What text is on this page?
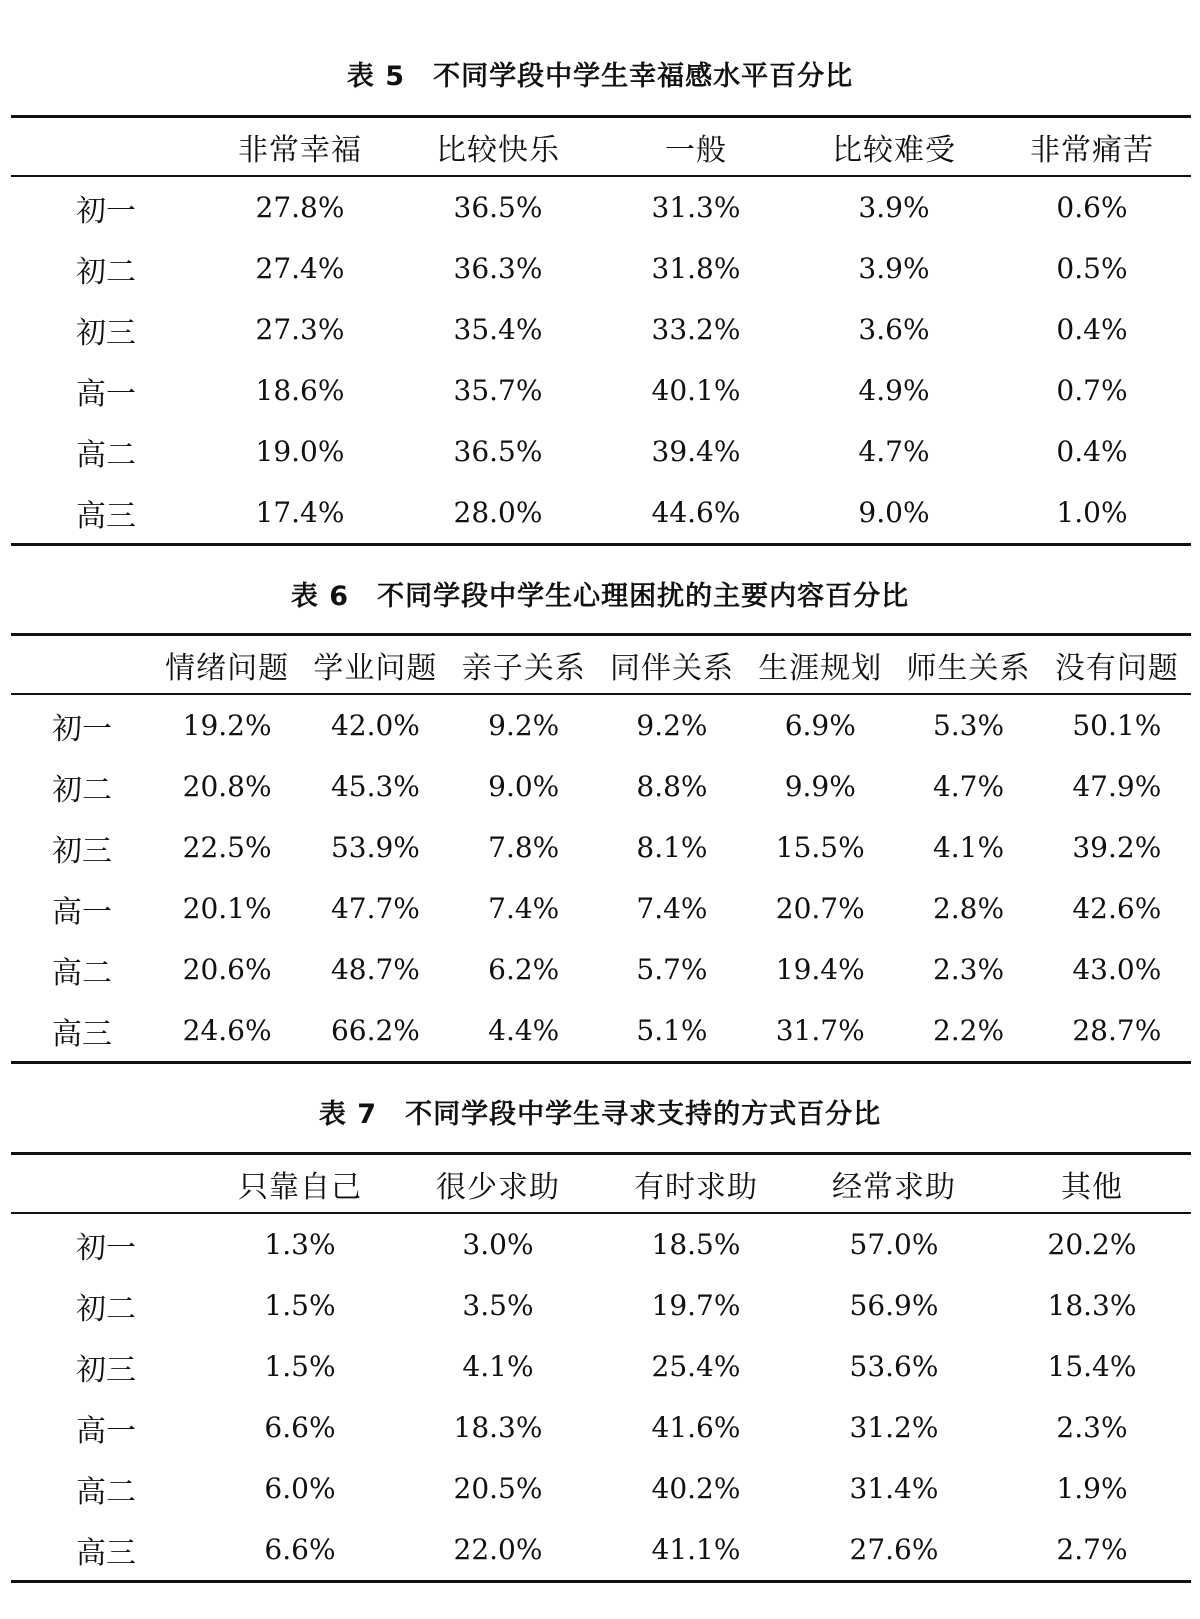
表 5　不同学段中学生幸福感水平百分比
	非常幸福	比较快乐	一般	比较难受	非常痛苦
初一	27.8%	36.5%	31.3%	3.9%	0.6%
初二	27.4%	36.3%	31.8%	3.9%	0.5%
初三	27.3%	35.4%	33.2%	3.6%	0.4%
高一	18.6%	35.7%	40.1%	4.9%	0.7%
高二	19.0%	36.5%	39.4%	4.7%	0.4%
高三	17.4%	28.0%	44.6%	9.0%	1.0%
表 6　不同学段中学生心理困扰的主要内容百分比
	情绪问题	学业问题	亲子关系	同伴关系	生涯规划	师生关系	没有问题
初一	19.2%	42.0%	9.2%	9.2%	6.9%	5.3%	50.1%
初二	20.8%	45.3%	9.0%	8.8%	9.9%	4.7%	47.9%
初三	22.5%	53.9%	7.8%	8.1%	15.5%	4.1%	39.2%
高一	20.1%	47.7%	7.4%	7.4%	20.7%	2.8%	42.6%
高二	20.6%	48.7%	6.2%	5.7%	19.4%	2.3%	43.0%
高三	24.6%	66.2%	4.4%	5.1%	31.7%	2.2%	28.7%
表 7　不同学段中学生寻求支持的方式百分比
	只靠自己	很少求助	有时求助	经常求助	其他
初一	1.3%	3.0%	18.5%	57.0%	20.2%
初二	1.5%	3.5%	19.7%	56.9%	18.3%
初三	1.5%	4.1%	25.4%	53.6%	15.4%
高一	6.6%	18.3%	41.6%	31.2%	2.3%
高二	6.0%	20.5%	40.2%	31.4%	1.9%
高三	6.6%	22.0%	41.1%	27.6%	2.7%
